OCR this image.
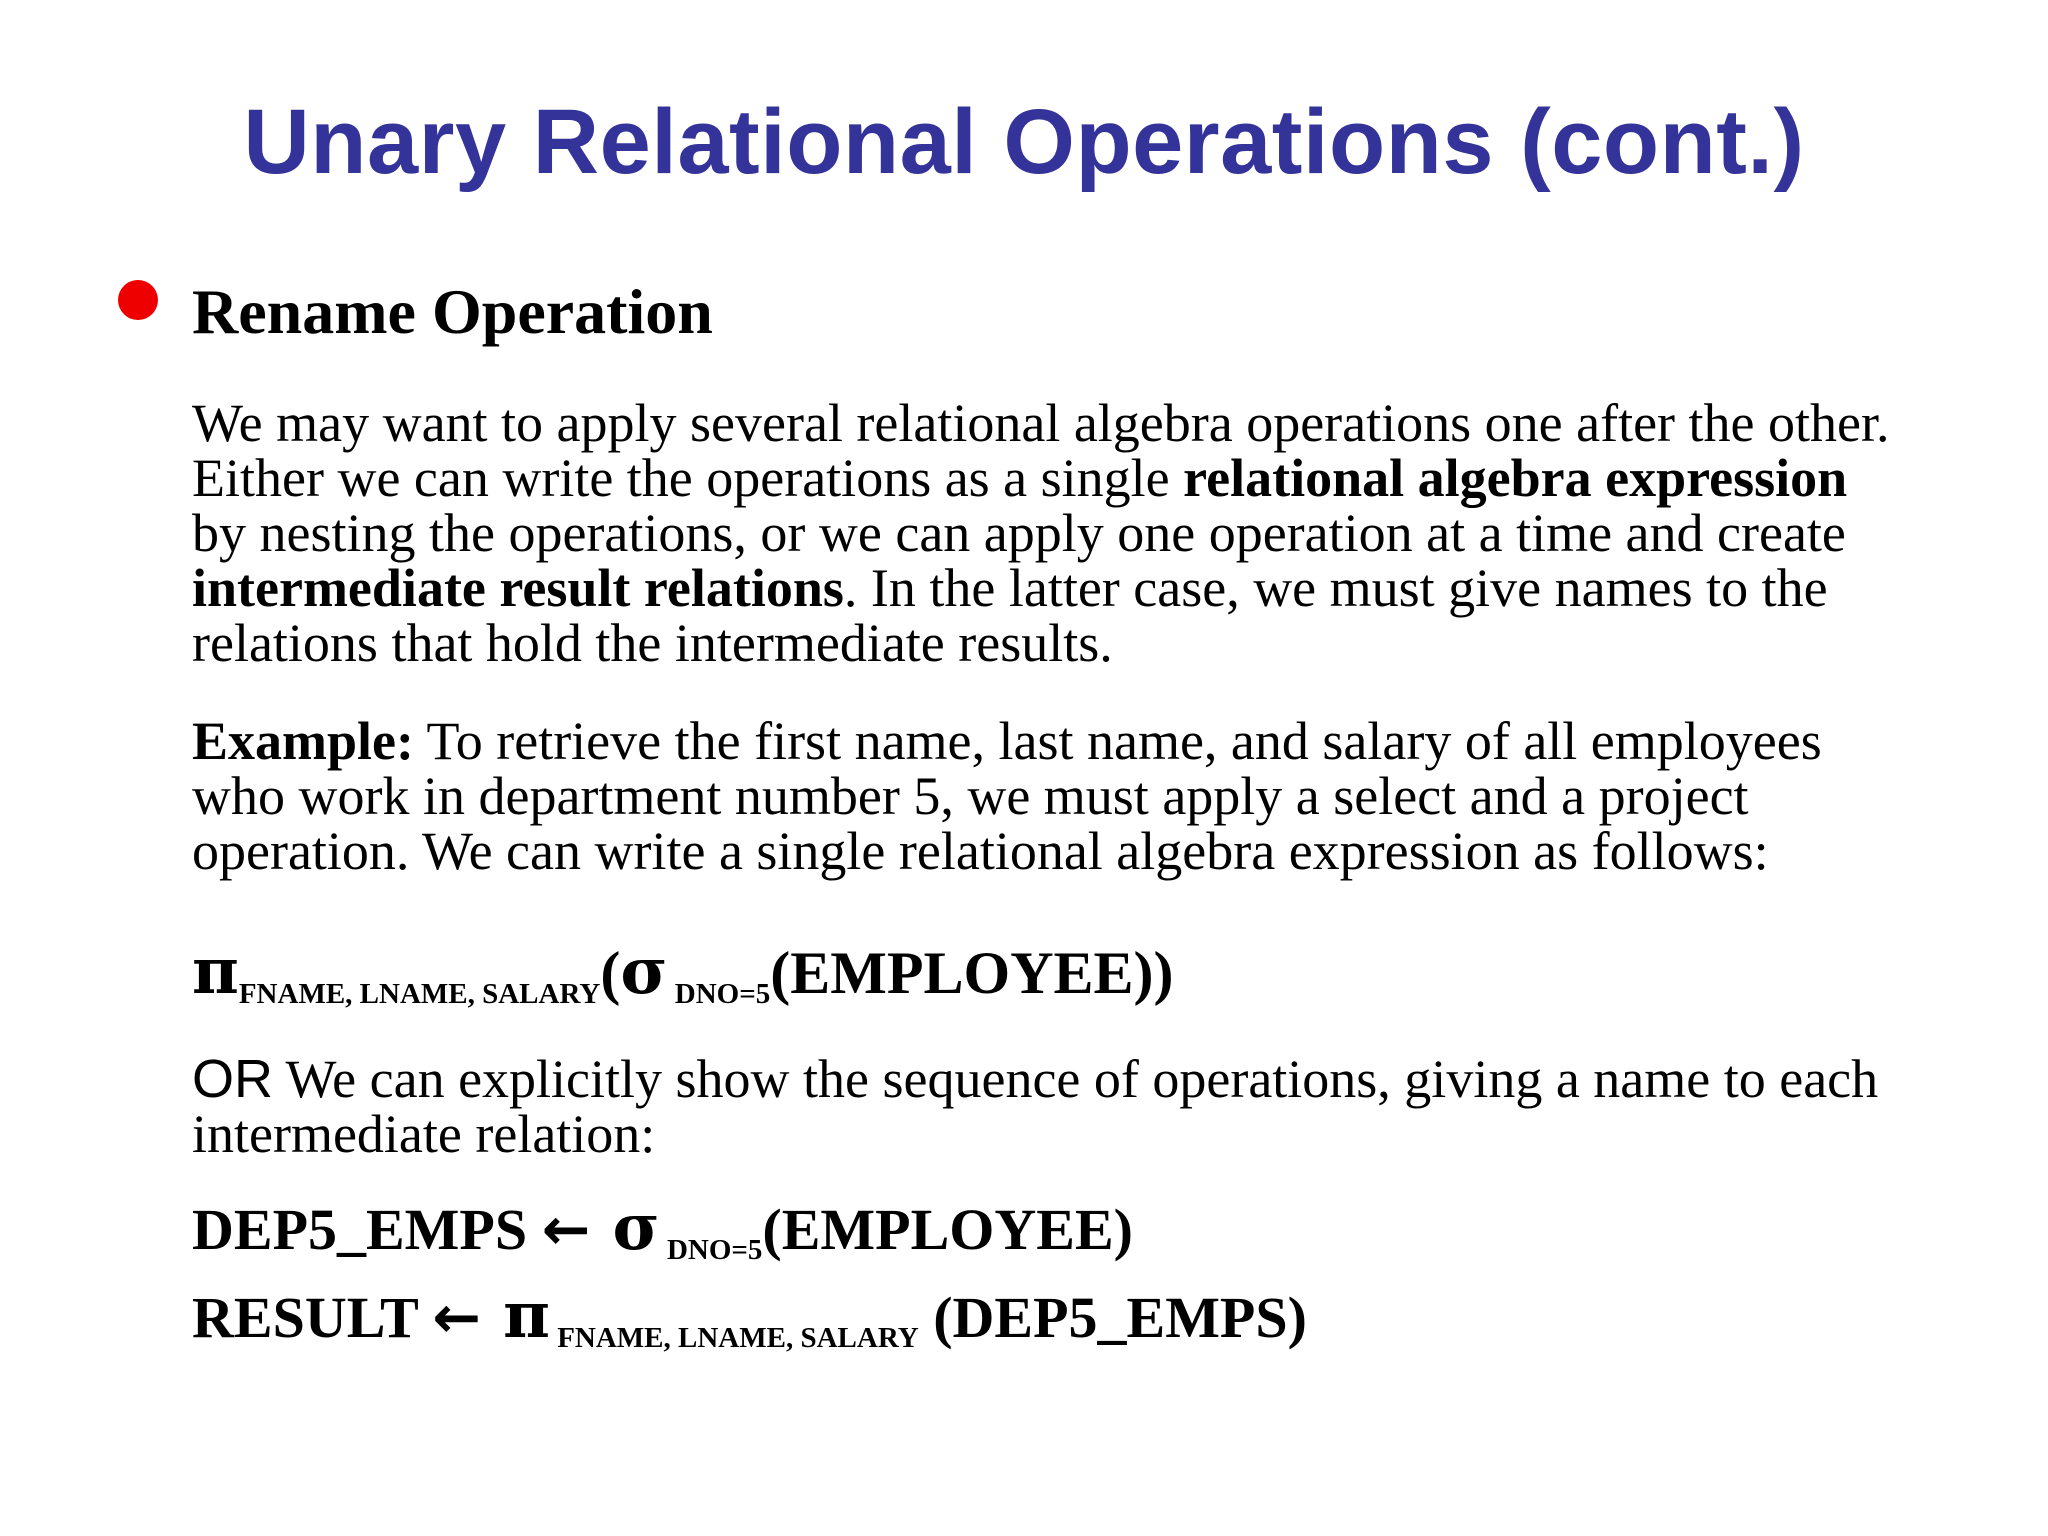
Unary Relational Operations (cont.)
Rename Operation
We may want to apply several relational algebra operations one after the other.
Either we can write the operations as a single relational algebra expression
by nesting the operations, or we can apply one operation at a time and create
intermediate result relations. In the latter case, we must give names to the
relations that hold the intermediate results.
Example: To retrieve the first name, last name, and salary of all employees
who work in department number 5, we must apply a select and a project
operation. We can write a single relational algebra expression as follows:
$\pi_{FNAME, LNAME, SALARY}(\sigma$ $_{DNO=5}$(EMPLOYEE))
OR We can explicitly show the sequence of operations, giving a name to each
intermediate relation:
DEP5_EMPS ← σ $_{DNO=5}$(EMPLOYEE)
RESULT ← π $_{FNAME, LNAME, SALARY}$ (DEP5_EMPS)
